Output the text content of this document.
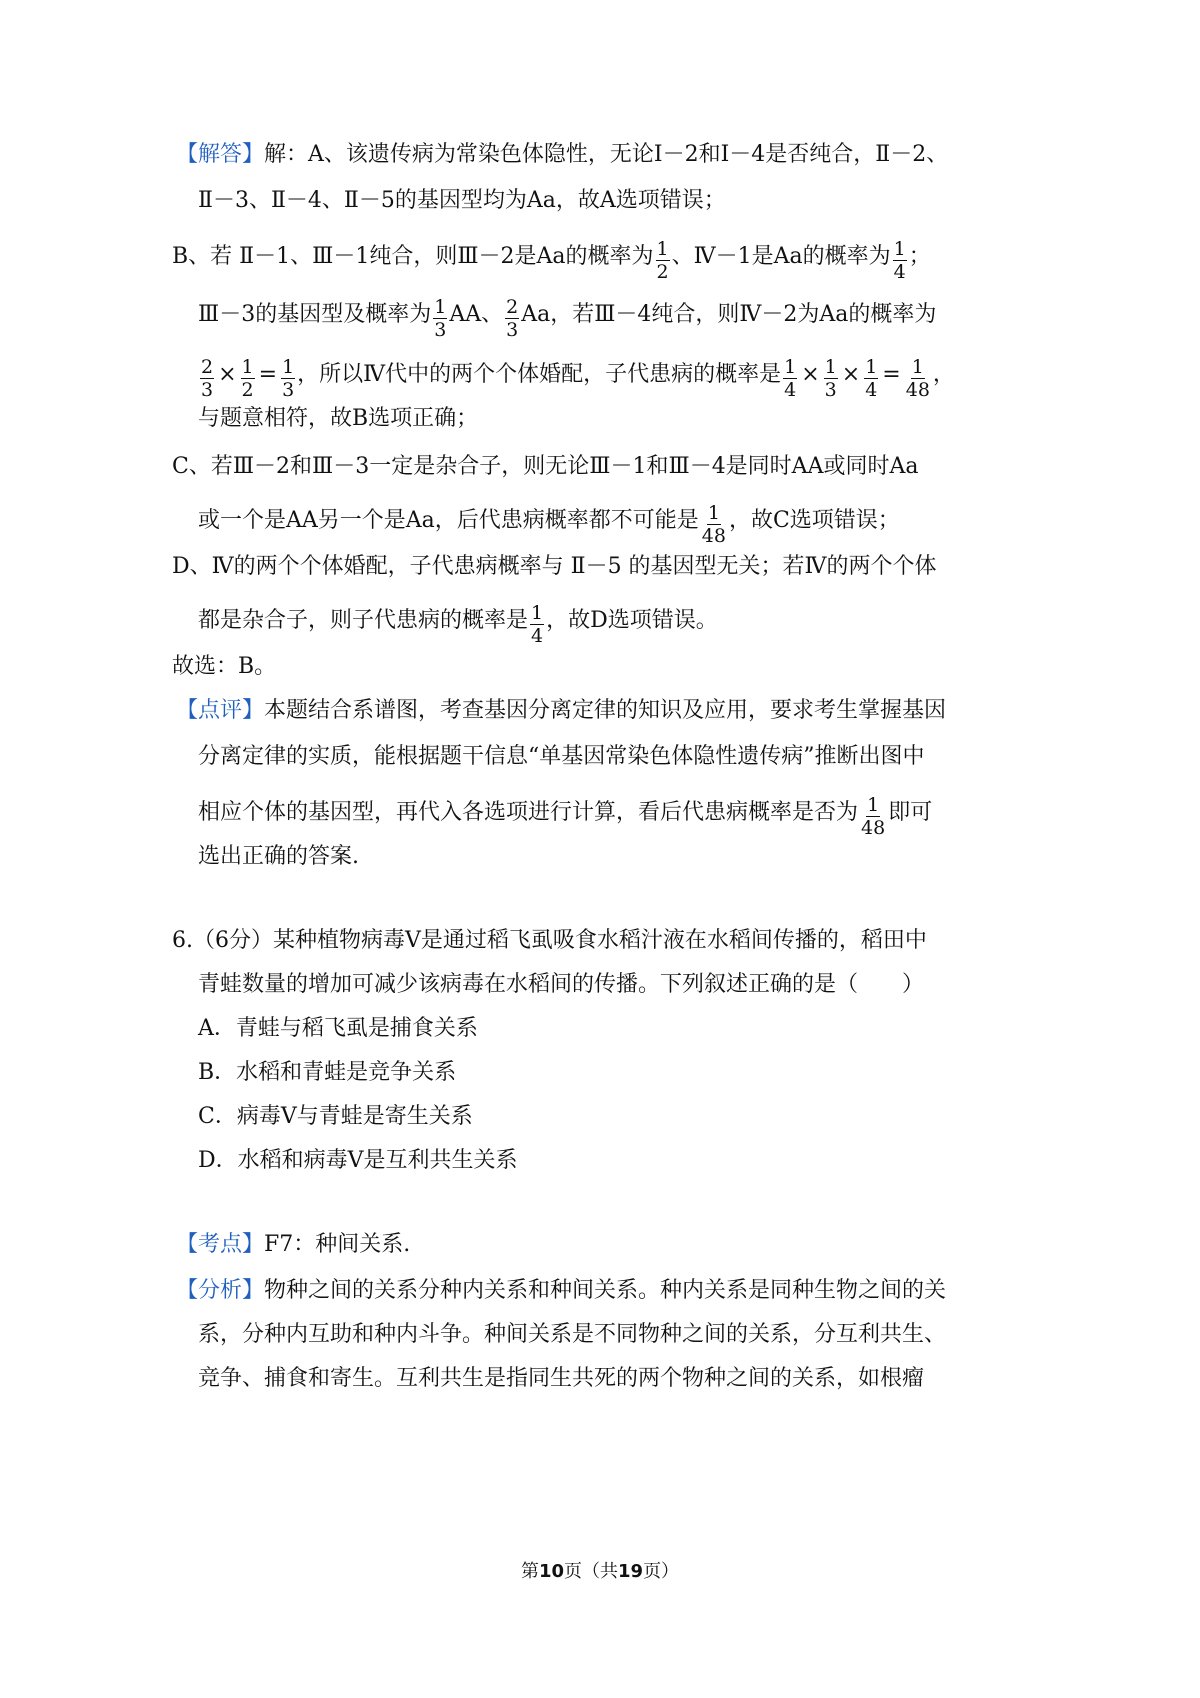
【解答】 解：A、该遗传病为常染色体隐性，无论Ⅰ－2和Ⅰ－4是否纯合，Ⅱ－2、
Ⅱ－3、Ⅱ－4、Ⅱ－5的基因型均为Aa，故A选项错误；
B、若 Ⅱ－1、Ⅲ－1纯合，则Ⅲ－2是Aa的概率为 $\frac{1}{2}$ 、Ⅳ－1是Aa的概率为 $\frac{1}{4}$ ；
Ⅲ－3的基因型及概率为 $\frac{1}{3}$ AA、 $\frac{2}{3}$ Aa，若Ⅲ－4纯合，则Ⅳ－2为Aa的概率为
$\frac{2}{3} \times \frac{1}{2} = \frac{1}{3}$ ，所以Ⅳ代中的两个个体婚配，子代患病的概率是 $\frac{1}{4} \times \frac{1}{3} \times \frac{1}{4} = \frac{1}{48}$ ，
与题意相符，故B选项正确；
C、若Ⅲ－2和Ⅲ－3一定是杂合子，则无论Ⅲ－1和Ⅲ－4是同时AA或同时Aa
或一个是AA另一个是Aa，后代患病概率都不可能是 $\frac{1}{48}$ ，故C选项错误；
D、Ⅳ的两个个体婚配，子代患病概率与 Ⅱ－5 的基因型无关；若Ⅳ的两个个体
都是杂合子，则子代患病的概率是 $\frac{1}{4}$ ，故D选项错误。
故选：B。
【点评】 本题结合系谱图，考查基因分离定律的知识及应用，要求考生掌握基因
分离定律的实质，能根据题干信息“单基因常染色体隐性遗传病”推断出图中
相应个体的基因型，再代入各选项进行计算，看后代患病概率是否为 $\frac{1}{48}$ 即可
选出正确的答案.
6.（6分）某种植物病毒V是通过稻飞虱吸食水稻汁液在水稻间传播的，稻田中
青蛙数量的增加可减少该病毒在水稻间的传播。下列叙述正确的是（　　）
A．青蛙与稻飞虱是捕食关系
B．水稻和青蛙是竞争关系
C．病毒V与青蛙是寄生关系
D．水稻和病毒V是互利共生关系
【考点】 F7：种间关系.
【分析】 物种之间的关系分种内关系和种间关系。种内关系是同种生物之间的关
系，分种内互助和种内斗争。种间关系是不同物种之间的关系，分互利共生、
竞争、捕食和寄生。互利共生是指同生共死的两个物种之间的关系，如根瘤
第10页（共19页）
